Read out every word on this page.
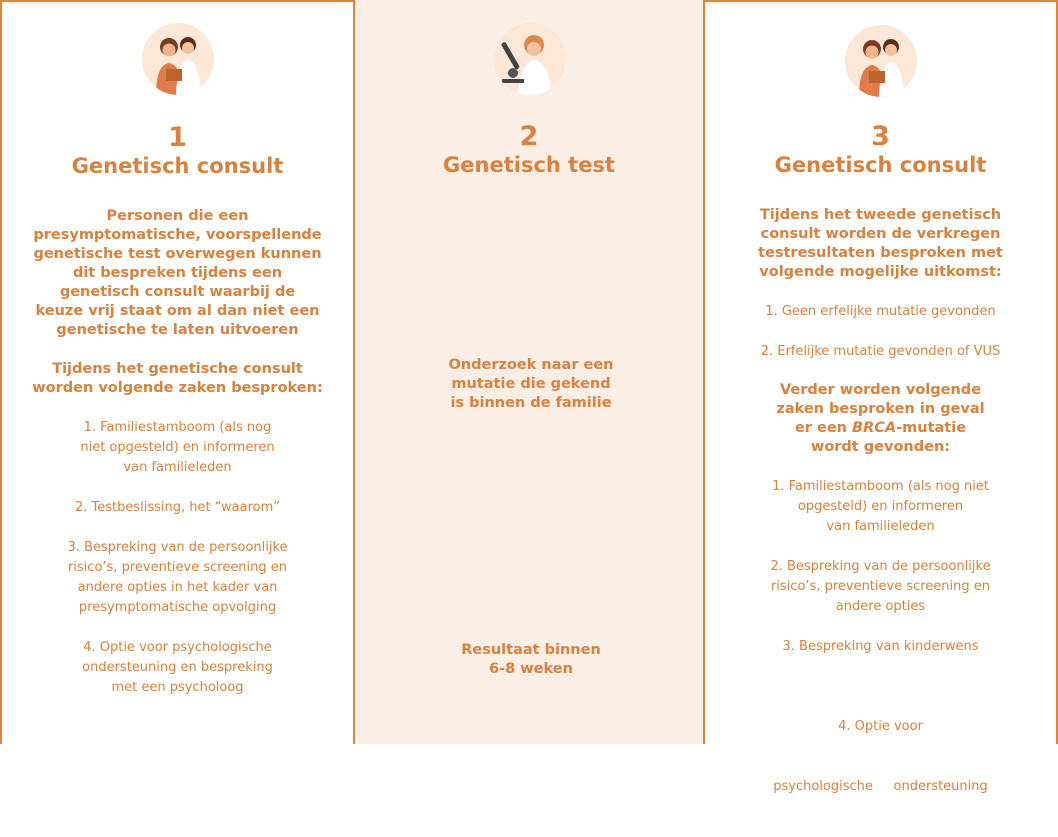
1
Genetisch consult
Personen die een
presymptomatische, voorspellende
genetische test overwegen kunnen
dit bespreken tijdens een
genetisch consult waarbij de
keuze vrij staat om al dan niet een
genetische te laten uitvoeren
Tijdens het genetische consult
worden volgende zaken besproken:
1. Familiestamboom (als nog
niet opgesteld) en informeren
van familieleden
2. Testbeslissing, het “waarom”
3. Bespreking van de persoonlijke
risico’s, preventieve screening en
andere opties in het kader van
presymptomatische opvolging
4. Optie voor psychologische
ondersteuning en bespreking
met een psycholoog
2
Genetisch test
Onderzoek naar een
mutatie die gekend
is binnen de familie
Resultaat binnen
6-8 weken
3
Genetisch consult
Tijdens het tweede genetisch
consult worden de verkregen
testresultaten besproken met
volgende mogelijke uitkomst:
1. Geen erfelijke mutatie gevonden
2. Erfelijke mutatie gevonden of VUS
Verder worden volgende
zaken besproken in geval
er een BRCA-mutatie
wordt gevonden:
1. Familiestamboom (als nog niet
opgesteld) en informeren
van familieleden
2. Bespreking van de persoonlijke
risico’s, preventieve screening en
andere opties
3. Bespreking van kinderwens

4. Optie voor

psychologische     ondersteuning
